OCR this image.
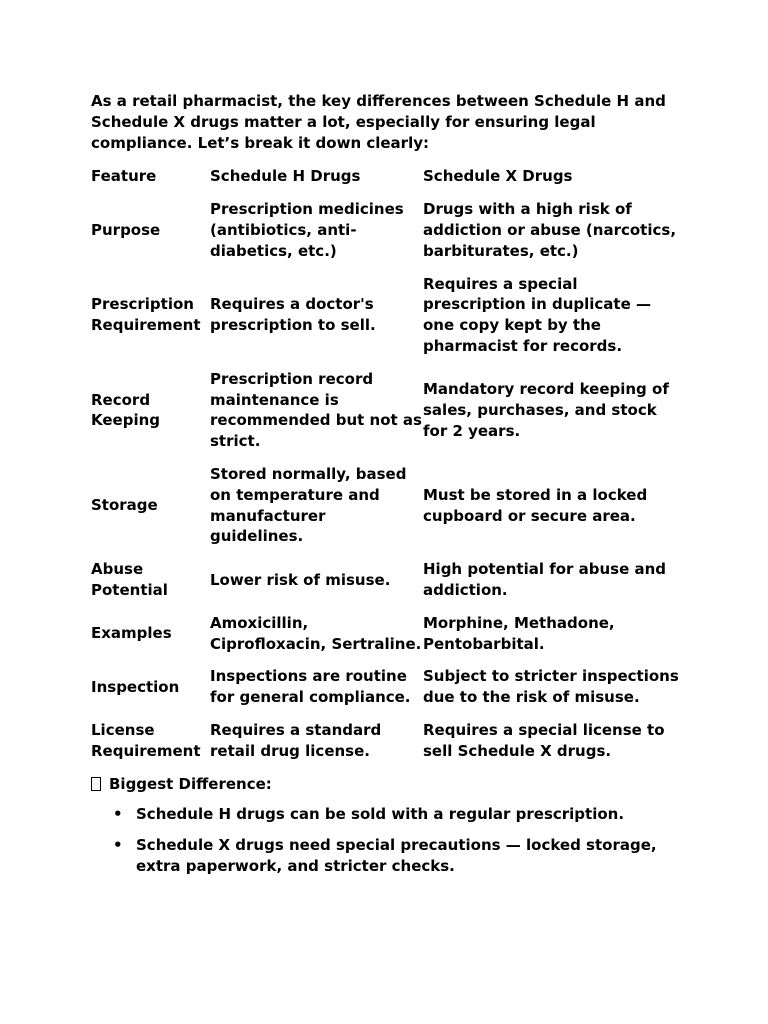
As a retail pharmacist, the key differences between Schedule H and Schedule X drugs matter a lot, especially for ensuring legal compliance. Let’s break it down clearly:

Feature	Schedule H Drugs	Schedule X Drugs
Purpose	Prescription medicines (antibiotics, anti-diabetics, etc.)	Drugs with a high risk of addiction or abuse (narcotics, barbiturates, etc.)
Prescription Requirement	Requires a doctor's prescription to sell.	Requires a special prescription in duplicate — one copy kept by the pharmacist for records.
Record Keeping	Prescription record maintenance is recommended but not as strict.	Mandatory record keeping of sales, purchases, and stock for 2 years.
Storage	Stored normally, based on temperature and manufacturer guidelines.	Must be stored in a locked cupboard or secure area.
Abuse Potential	Lower risk of misuse.	High potential for abuse and addiction.
Examples	Amoxicillin, Ciprofloxacin, Sertraline.	Morphine, Methadone, Pentobarbital.
Inspection	Inspections are routine for general compliance.	Subject to stricter inspections due to the risk of misuse.
License Requirement	Requires a standard retail drug license.	Requires a special license to sell Schedule X drugs.
Biggest Difference:
• Schedule H drugs can be sold with a regular prescription.
• Schedule X drugs need special precautions — locked storage, extra paperwork, and stricter checks.
